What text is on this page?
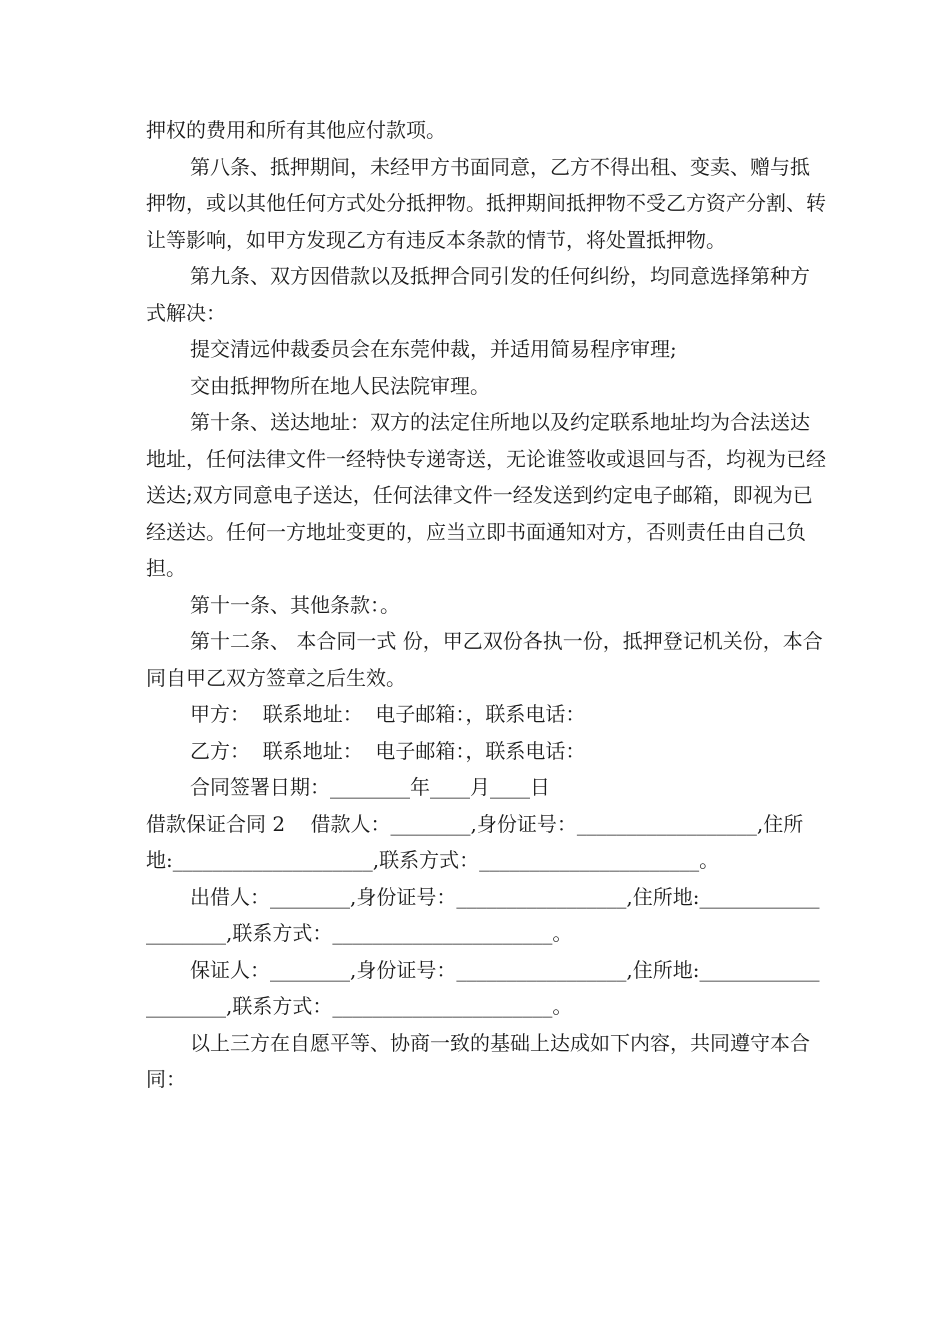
押权的费用和所有其他应付款项。

第八条、抵押期间，未经甲方书面同意，乙方不得出租、变卖、赠与抵押物，或以其他任何方式处分抵押物。抵押期间抵押物不受乙方资产分割、转让等影响，如甲方发现乙方有违反本条款的情节，将处置抵押物。

第九条、双方因借款以及抵押合同引发的任何纠纷，均同意选择第种方式解决：

提交清远仲裁委员会在东莞仲裁，并适用简易程序审理;

交由抵押物所在地人民法院审理。

第十条、送达地址：双方的法定住所地以及约定联系地址均为合法送达地址，任何法律文件一经特快专递寄送，无论谁签收或退回与否，均视为已经送达;双方同意电子送达，任何法律文件一经发送到约定电子邮箱，即视为已经送达。任何一方地址变更的，应当立即书面通知对方，否则责任由自己负担。

第十一条、其他条款：。

第十二条、 本合同一式 份，甲乙双份各执一份，抵押登记机关份，本合同自甲乙双方签章之后生效。

甲方：  联系地址：  电子邮箱：，联系电话：

乙方：  联系地址：  电子邮箱：，联系电话：

合同签署日期：________年____月____日

借款保证合同 2    借款人：________,身份证号：__________________,住所地:____________________,联系方式：______________________。

出借人：________,身份证号：_________________,住所地:____________________,联系方式：______________________。

保证人：________,身份证号：_________________,住所地:____________________,联系方式：______________________。

以上三方在自愿平等、协商一致的基础上达成如下内容，共同遵守本合同：
